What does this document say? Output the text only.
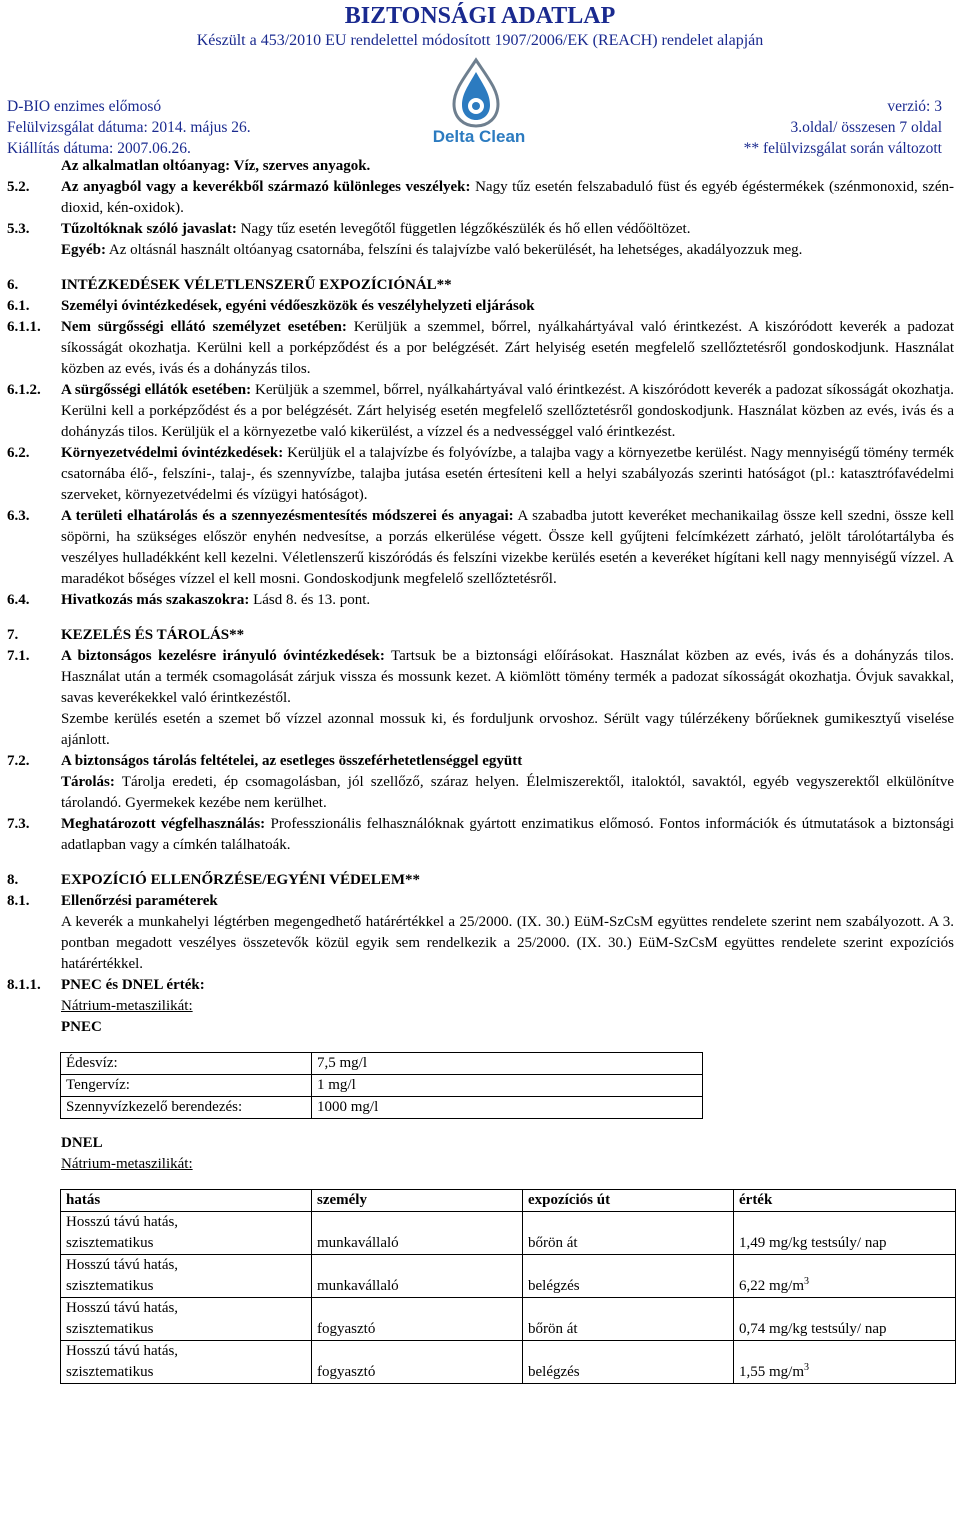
BIZTONSÁGI ADATLAP
Készült a 453/2010 EU rendelettel módosított 1907/2006/EK (REACH) rendelet alapján
D-BIO enzimes előmosó
Felülvizsgálat dátuma: 2014. május 26.
Kiállítás dátuma: 2007.06.26.
verzió: 3
3.oldal/ összesen 7 oldal
** felülvizsgálat során változott
Delta Clean
Az alkalmatlan oltóanyag: Víz, szerves anyagok.
5.2.	Az anyagból vagy a keverékből származó különleges veszélyek: Nagy tűz esetén felszabaduló füst és egyéb égéstermékek (szénmonoxid, szén-dioxid, kén-oxidok).
5.3.	Tűzoltóknak szóló javaslat: Nagy tűz esetén levegőtől független légzőkészülék és hő ellen védőöltözet.
Egyéb: Az oltásnál használt oltóanyag csatornába, felszíni és talajvízbe való bekerülését, ha lehetséges, akadályozzuk meg.
6.	INTÉZKEDÉSEK VÉLETLENSZERŰ EXPOZÍCIÓNÁL**
6.1.	Személyi óvintézkedések, egyéni védőeszközök és veszélyhelyzeti eljárások
6.1.1.	Nem sürgősségi ellátó személyzet esetében: Kerüljük a szemmel, bőrrel, nyálkahártyával való érintkezést. A kiszóródott keverék a padozat síkosságát okozhatja. Kerülni kell a porképződést és a por belégzését. Zárt helyiség esetén megfelelő szellőztetésről gondoskodjunk. Használat közben az evés, ivás és a dohányzás tilos.
6.1.2.	A sürgősségi ellátók esetében: Kerüljük a szemmel, bőrrel, nyálkahártyával való érintkezést. A kiszóródott keverék a padozat síkosságát okozhatja. Kerülni kell a porképződést és a por belégzését. Zárt helyiség esetén megfelelő szellőztetésről gondoskodjunk. Használat közben az evés, ivás és a dohányzás tilos. Kerüljük el a környezetbe való kikerülést, a vízzel és a nedvességgel való érintkezést.
6.2.	Környezetvédelmi óvintézkedések: Kerüljük el a talajvízbe és folyóvízbe, a talajba vagy a környezetbe kerülést. Nagy mennyiségű tömény termék csatornába élő-, felszíni-, talaj-, és szennyvízbe, talajba jutása esetén értesíteni kell a helyi szabályozás szerinti hatóságot (pl.: katasztrófavédelmi szerveket, környezetvédelmi és vízügyi hatóságot).
6.3.	A területi elhatárolás és a szennyezésmentesítés módszerei és anyagai: A szabadba jutott keveréket mechanikailag össze kell szedni, össze kell söpörni, ha szükséges először enyhén nedvesítse, a porzás elkerülése végett. Össze kell gyűjteni felcímkézett zárható, jelölt tárolótartályba és veszélyes hulladékként kell kezelni. Véletlenszerű kiszóródás és felszíni vizekbe kerülés esetén a keveréket hígítani kell nagy mennyiségű vízzel. A maradékot bőséges vízzel el kell mosni. Gondoskodjunk megfelelő szellőztetésről.
6.4.	Hivatkozás más szakaszokra: Lásd 8. és 13. pont.
7.	KEZELÉS ÉS TÁROLÁS**
7.1.	A biztonságos kezelésre irányuló óvintézkedések: Tartsuk be a biztonsági előírásokat. Használat közben az evés, ivás és a dohányzás tilos. Használat után a termék csomagolását zárjuk vissza és mossunk kezet. A kiömlött tömény termék a padozat síkosságát okozhatja. Óvjuk savakkal, savas keverékekkel való érintkezéstől.
Szembe kerülés esetén a szemet bő vízzel azonnal mossuk ki, és forduljunk orvoshoz. Sérült vagy túlérzékeny bőrűeknek gumikesztyű viselése ajánlott.
7.2.	A biztonságos tárolás feltételei, az esetleges összeférhetetlenséggel együtt
Tárolás: Tárolja eredeti, ép csomagolásban, jól szellőző, száraz helyen. Élelmiszerektől, italoktól, savaktól, egyéb vegyszerektől elkülönítve tárolandó. Gyermekek kezébe nem kerülhet.
7.3.	Meghatározott végfelhasználás: Professzionális felhasználóknak gyártott enzimatikus előmosó. Fontos információk és útmutatások a biztonsági adatlapban vagy a címkén találhatoák.
8.	EXPOZÍCIÓ ELLENŐRZÉSE/EGYÉNI VÉDELEM**
8.1.	Ellenőrzési paraméterek
A keverék a munkahelyi légtérben megengedhető határértékkel a 25/2000. (IX. 30.) EüM-SzCsM együttes rendelete szerint nem szabályozott. A 3. pontban megadott veszélyes összetevők közül egyik sem rendelkezik a 25/2000. (IX. 30.) EüM-SzCsM együttes rendelete szerint expozíciós határértékkel.
8.1.1.	PNEC és DNEL érték:
Nátrium-metaszilikát:
PNEC
Édesvíz:	7,5 mg/l
Tengervíz:	1 mg/l
Szennyvízkezelő berendezés:	1000 mg/l
DNEL
Nátrium-metaszilikát:
hatás	személy	expozíciós út	érték

Hosszú távú hatás,
szisztematikus	munkavállaló	bőrön át	1,49 mg/kg testsúly/ nap

Hosszú távú hatás,
szisztematikus	munkavállaló	belégzés	6,22 $mg/m^3$

Hosszú távú hatás,
szisztematikus	fogyasztó	bőrön át	0,74 mg/kg testsúly/ nap

Hosszú távú hatás,
szisztematikus	fogyasztó	belégzés	1,55 $mg/m^3$
